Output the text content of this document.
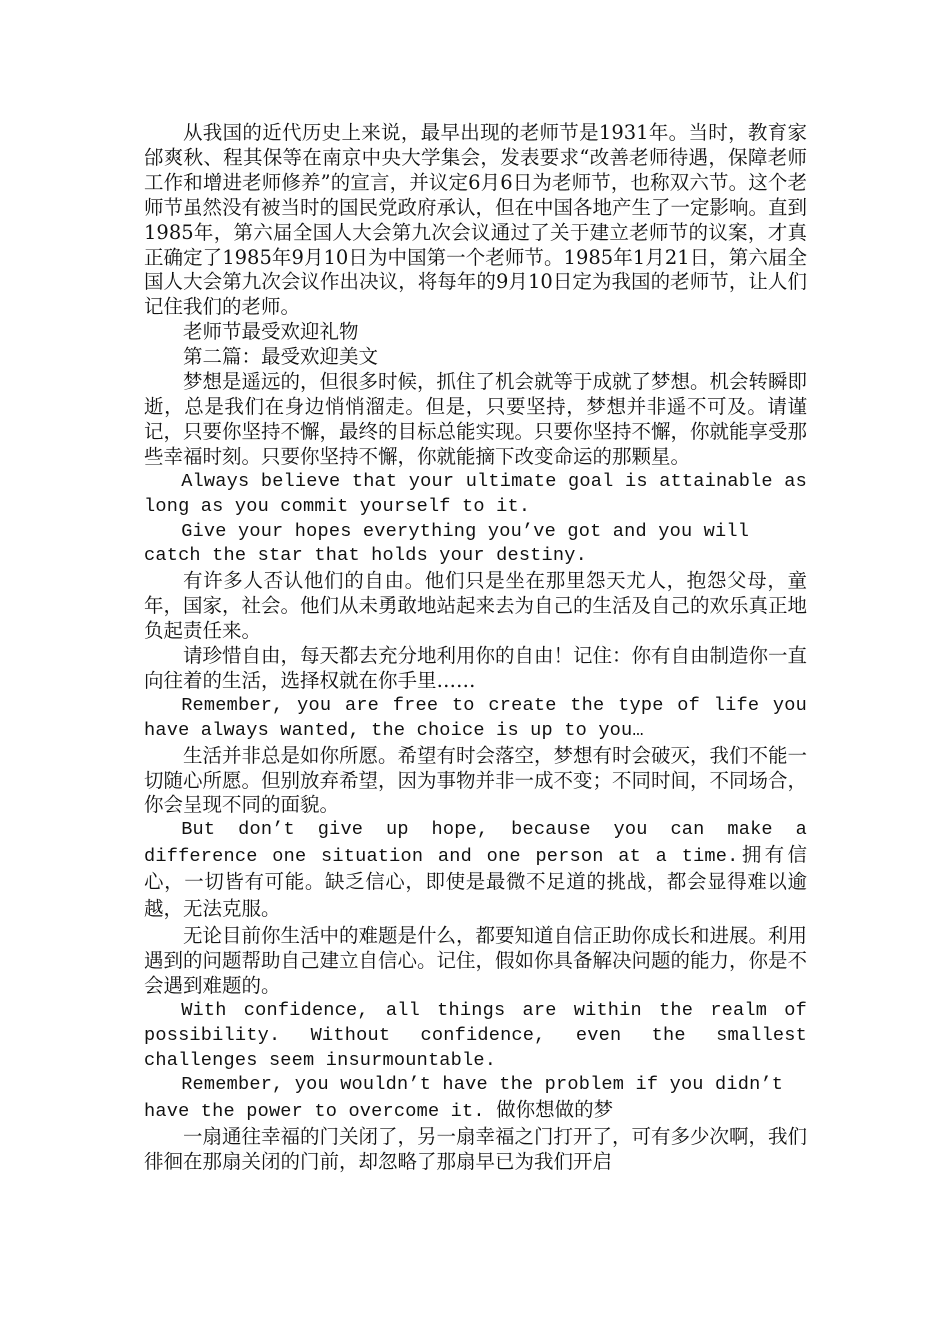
从我国的近代历史上来说，最早出现的老师节是1931年。当时，教育家邰爽秋、程其保等在南京中央大学集会，发表要求“改善老师待遇，保障老师工作和增进老师修养”的宣言，并议定6月6日为老师节，也称双六节。这个老师节虽然没有被当时的国民党政府承认，但在中国各地产生了一定影响。直到1985年，第六届全国人大会第九次会议通过了关于建立老师节的议案，才真正确定了1985年9月10日为中国第一个老师节。1985年1月21日，第六届全国人大会第九次会议作出决议，将每年的9月10日定为我国的老师节，让人们记住我们的老师。

老师节最受欢迎礼物

第二篇：最受欢迎美文

梦想是遥远的，但很多时候，抓住了机会就等于成就了梦想。机会转瞬即逝，总是我们在身边悄悄溜走。但是，只要坚持，梦想并非遥不可及。请谨记，只要你坚持不懈，最终的目标总能实现。只要你坚持不懈，你就能享受那些幸福时刻。只要你坚持不懈，你就能摘下改变命运的那颗星。

Always believe that your ultimate goal is attainable as long as you commit yourself to it.

Give your hopes everything you’ve got and you will catch the star that holds your destiny.

有许多人否认他们的自由。他们只是坐在那里怨天尤人，抱怨父母，童年，国家，社会。他们从未勇敢地站起来去为自己的生活及自己的欢乐真正地负起责任来。

请珍惜自由，每天都去充分地利用你的自由！记住：你有自由制造你一直向往着的生活，选择权就在你手里……

Remember, you are free to create the type of life you have always wanted, the choice is up to you…

生活并非总是如你所愿。希望有时会落空，梦想有时会破灭，我们不能一切随心所愿。但别放弃希望，因为事物并非一成不变；不同时间，不同场合，你会呈现不同的面貌。

But don’t give up hope, because you can make a difference one situation and one person at a time.拥有信心，一切皆有可能。缺乏信心，即使是最微不足道的挑战，都会显得难以逾越，无法克服。

无论目前你生活中的难题是什么，都要知道自信正助你成长和进展。利用遇到的问题帮助自己建立自信心。记住，假如你具备解决问题的能力，你是不会遇到难题的。

With confidence, all things are within the realm of possibility. Without confidence, even the smallest challenges seem insurmountable.

Remember, you wouldn’t have the problem if you didn’t have the power to overcome it. 做你想做的梦

一扇通往幸福的门关闭了，另一扇幸福之门打开了，可有多少次啊，我们徘徊在那扇关闭的门前，却忽略了那扇早已为我们开启
